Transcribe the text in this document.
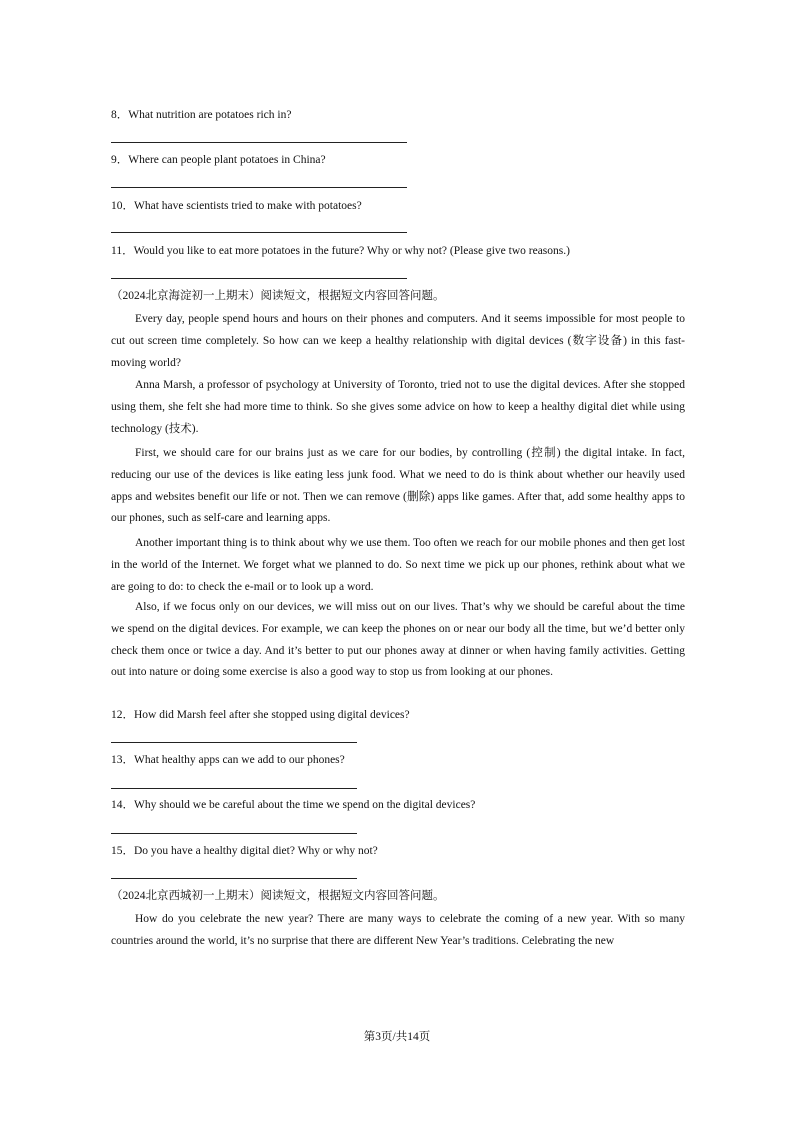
8．What nutrition are potatoes rich in?
9．Where can people plant potatoes in China?
10．What have scientists tried to make with potatoes?
11．Would you like to eat more potatoes in the future? Why or why not? (Please give two reasons.)
（2024北京海淀初一上期末）阅读短文，根据短文内容回答问题。

Every day, people spend hours and hours on their phones and computers. And it seems impossible for most people to cut out screen time completely. So how can we keep a healthy relationship with digital devices (数字设备) in this fast-moving world?

Anna Marsh, a professor of psychology at University of Toronto, tried not to use the digital devices. After she stopped using them, she felt she had more time to think. So she gives some advice on how to keep a healthy digital diet while using technology (技术).

First, we should care for our brains just as we care for our bodies, by controlling (控制) the digital intake. In fact, reducing our use of the devices is like eating less junk food. What we need to do is think about whether our heavily used apps and websites benefit our life or not. Then we can remove (删除) apps like games. After that, add some healthy apps to our phones, such as self-care and learning apps.

Another important thing is to think about why we use them. Too often we reach for our mobile phones and then get lost in the world of the Internet. We forget what we planned to do. So next time we pick up our phones, rethink about what we are going to do: to check the e-mail or to look up a word.

Also, if we focus only on our devices, we will miss out on our lives. That’s why we should be careful about the time we spend on the digital devices. For example, we can keep the phones on or near our body all the time, but we’d better only check them once or twice a day. And it’s better to put our phones away at dinner or when having family activities. Getting out into nature or doing some exercise is also a good way to stop us from looking at our phones.

12．How did Marsh feel after she stopped using digital devices?
13．What healthy apps can we add to our phones?
14．Why should we be careful about the time we spend on the digital devices?
15．Do you have a healthy digital diet? Why or why not?
（2024北京西城初一上期末）阅读短文，根据短文内容回答问题。

How do you celebrate the new year? There are many ways to celebrate the coming of a new year. With so many countries around the world, it’s no surprise that there are different New Year’s traditions. Celebrating the new

第3页/共14页
